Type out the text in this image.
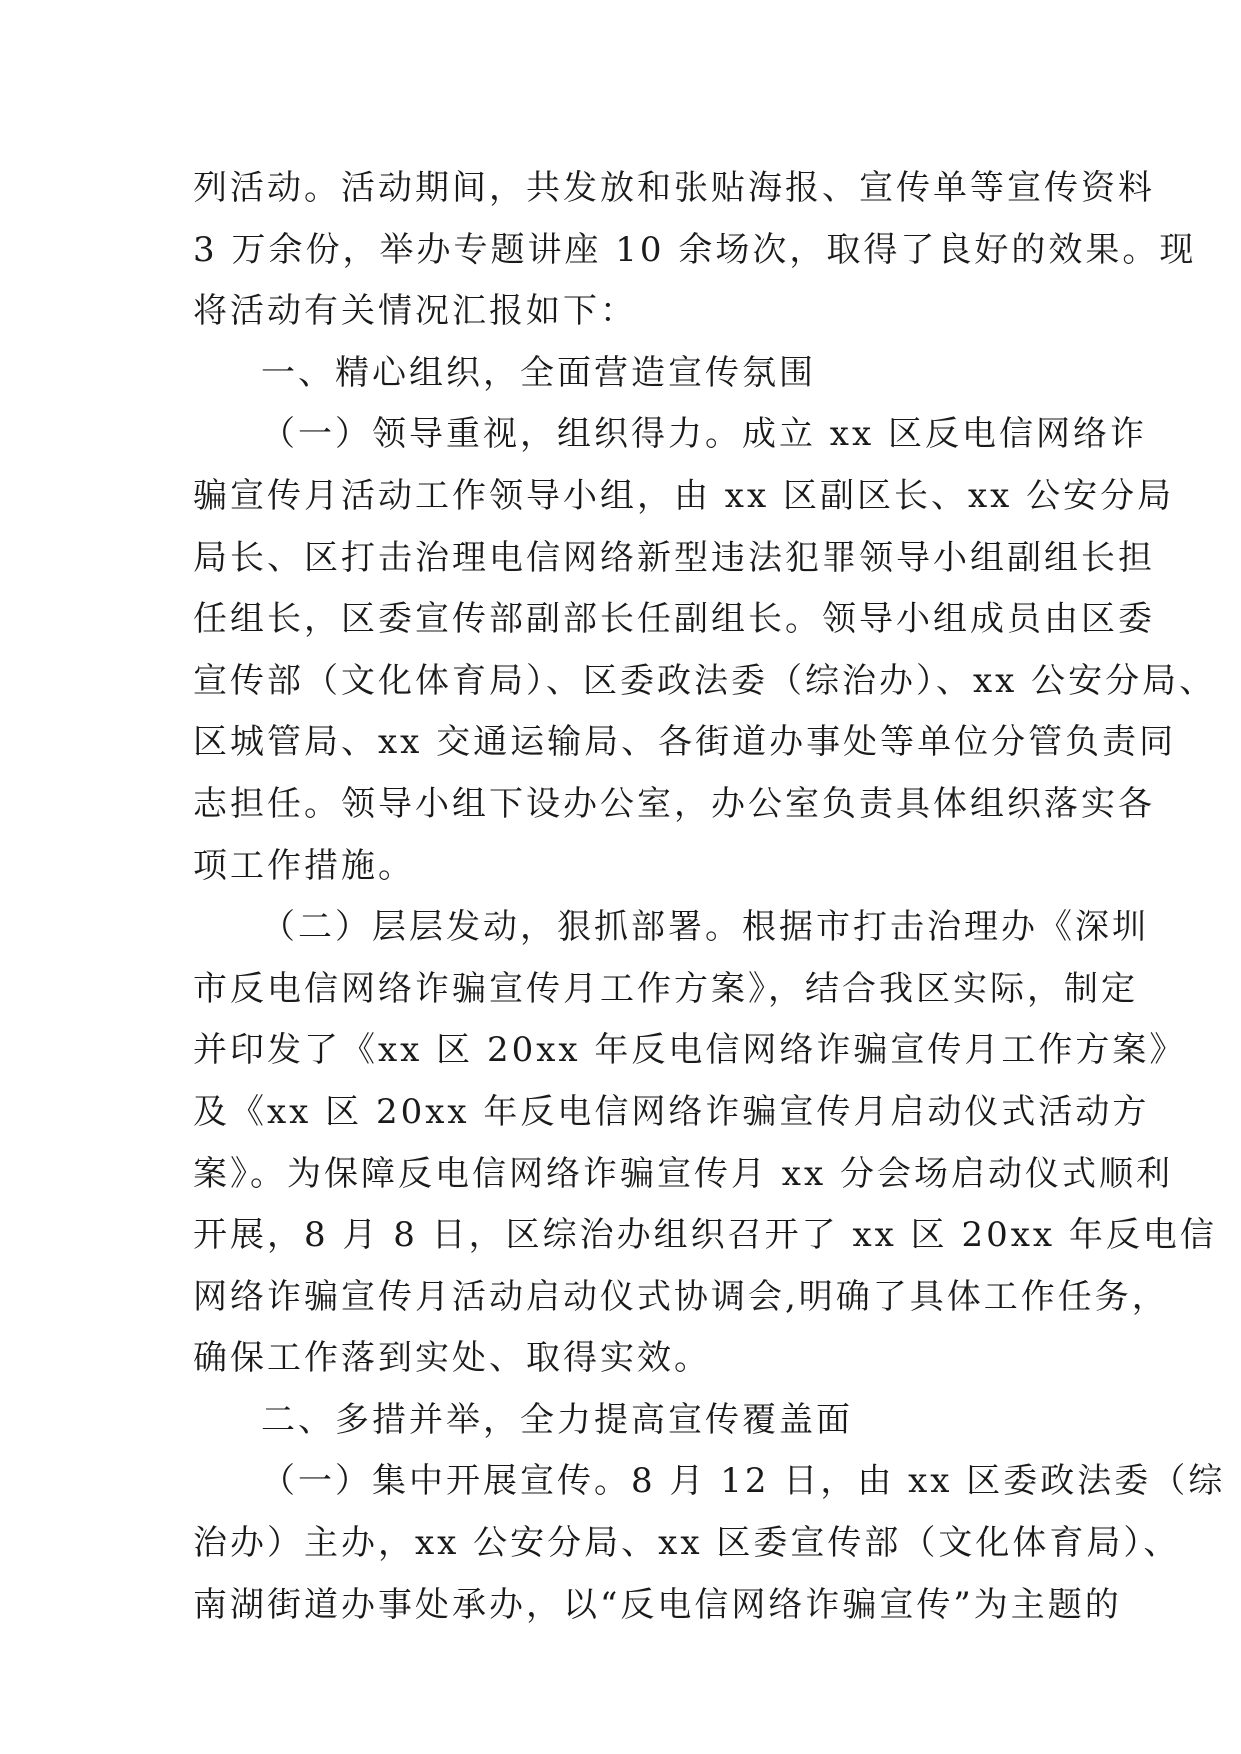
列活动。活动期间，共发放和张贴海报、宣传单等宣传资料
3 万余份，举办专题讲座 10 余场次，取得了良好的效果。现
将活动有关情况汇报如下：
一、精心组织，全面营造宣传氛围
（一）领导重视，组织得力。成立 xx 区反电信网络诈
骗宣传月活动工作领导小组，由 xx 区副区长、xx 公安分局
局长、区打击治理电信网络新型违法犯罪领导小组副组长担
任组长，区委宣传部副部长任副组长。领导小组成员由区委
宣传部（文化体育局）、区委政法委（综治办）、xx 公安分局、
区城管局、xx 交通运输局、各街道办事处等单位分管负责同
志担任。领导小组下设办公室，办公室负责具体组织落实各
项工作措施。
（二）层层发动，狠抓部署。根据市打击治理办《深圳
市反电信网络诈骗宣传月工作方案》，结合我区实际，制定
并印发了《xx 区 20xx 年反电信网络诈骗宣传月工作方案》
及《xx 区 20xx 年反电信网络诈骗宣传月启动仪式活动方
案》。为保障反电信网络诈骗宣传月 xx 分会场启动仪式顺利
开展，8 月 8 日，区综治办组织召开了 xx 区 20xx 年反电信
网络诈骗宣传月活动启动仪式协调会,明确了具体工作任务，
确保工作落到实处、取得实效。
二、多措并举，全力提高宣传覆盖面
（一）集中开展宣传。8 月 12 日，由 xx 区委政法委（综
治办）主办，xx 公安分局、xx 区委宣传部（文化体育局）、
南湖街道办事处承办，以“反电信网络诈骗宣传”为主题的
